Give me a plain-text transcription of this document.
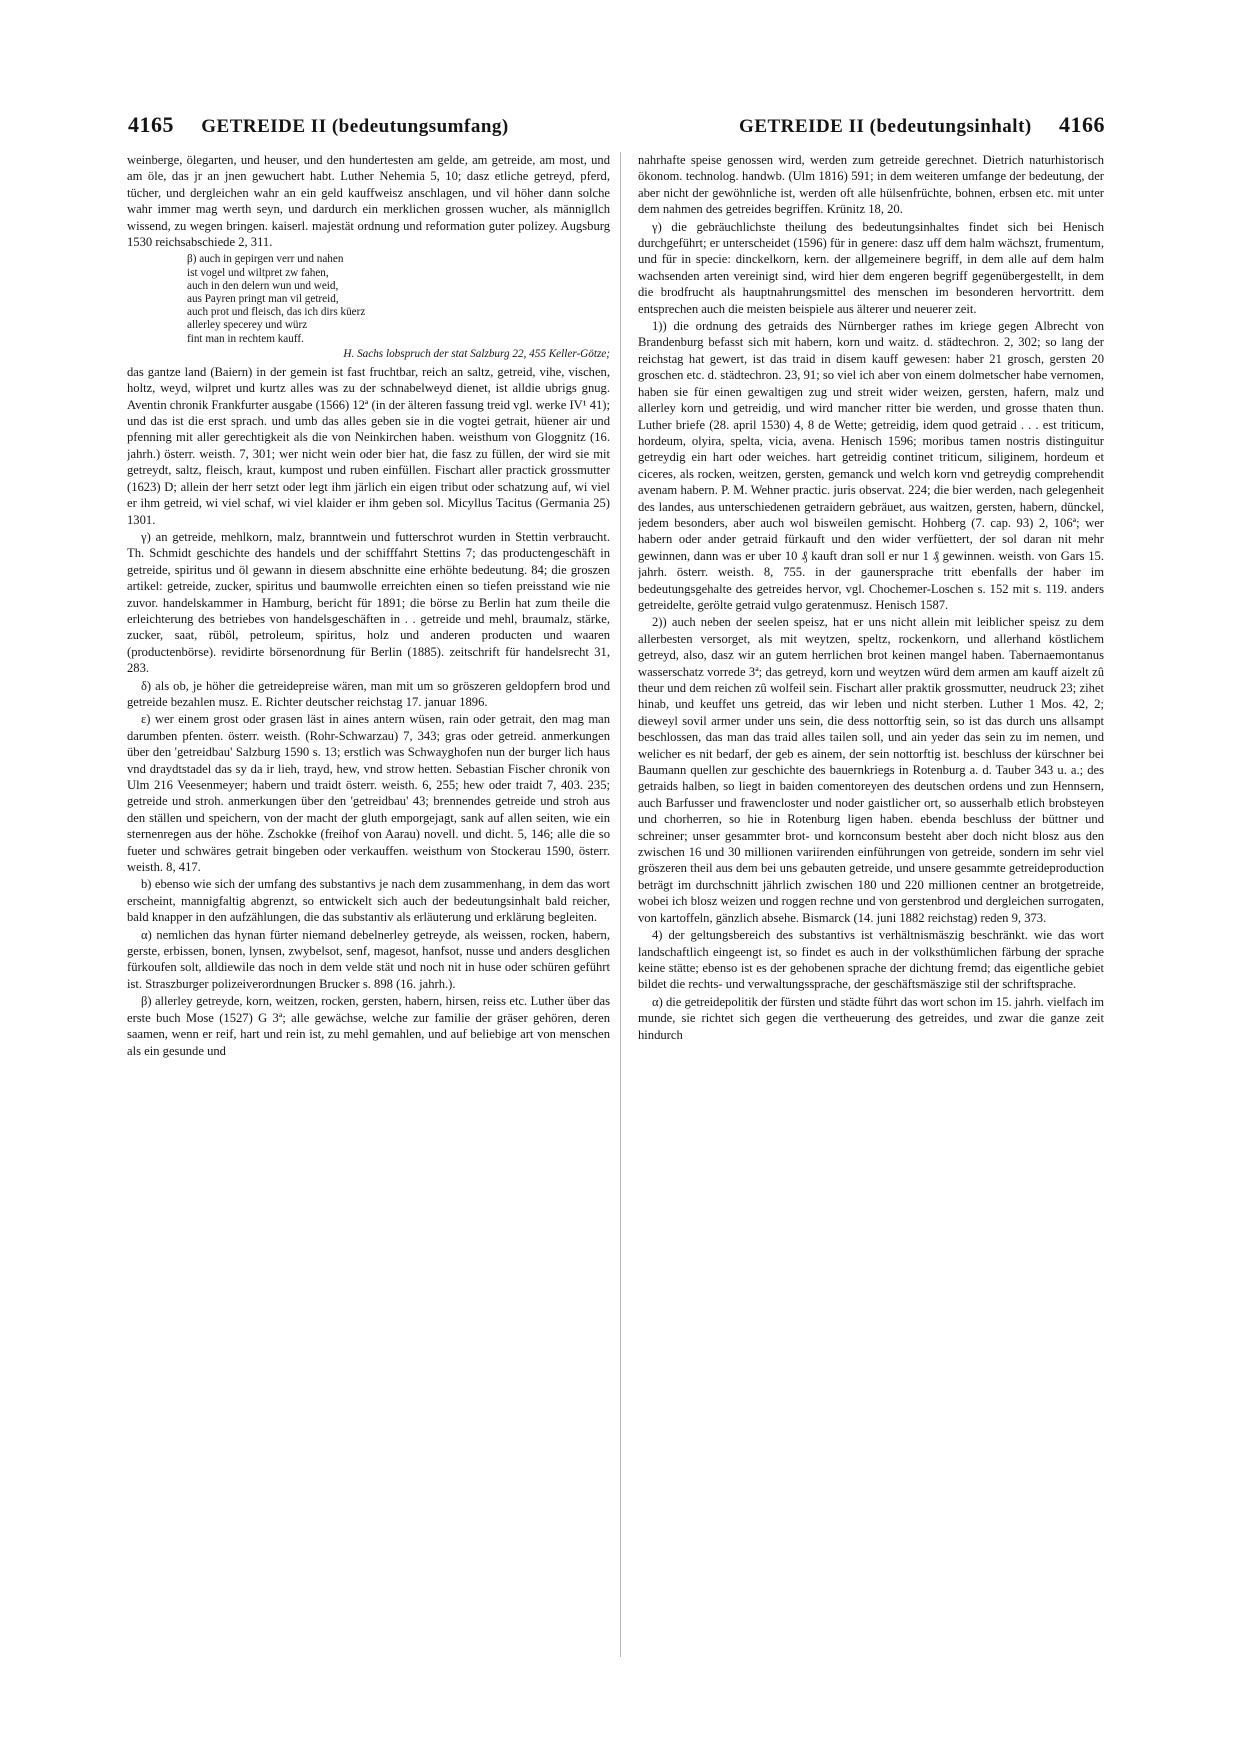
4165 GETREIDE II (bedeutungsumfang)	GETREIDE II (bedeutungsinhalt) 4166

weinberge, ölegarten, und heuser, und den hundertesten am gelde, am getreide, am most, und am öle, das jr an jnen gewuchert habt. Luther Nehemia 5, 10; dasz etliche getreyd, pferd, tücher, und dergleichen wahr an ein geld kauffweisz anschlagen, und vil höher dann solche wahr immer mag werth seyn, und dardurch ein merklichen grossen wucher, als männigllch wissend, zu wegen bringen. kaiserl. majestät ordnung und reformation guter polizey. Augsburg 1530 reichsabschiede 2, 311.

β) auch in gepirgen verr und nahen
ist vogel und wiltpret zw fahen,
auch in den delern wun und weid,
aus Payren pringt man vil getreid,
auch prot und fleisch, das ich dirs küerz
allerley specerey und würz
fint man in rechtem kauff.

H. Sachs lobspruch der stat Salzburg 22, 455 Keller-Götze;

das gantze land (Baiern) in der gemein ist fast fruchtbar, reich an saltz, getreid, vihe, vischen, holtz, weyd, wilpret und kurtz alles was zu der schnabelweyd dienet, ist alldie ubrigs gnug. Aventin chronik Frankfurter ausgabe (1566) 12ª (in der älteren fassung treid vgl. werke IV¹ 41); und das ist die erst sprach. und umb das alles geben sie in die vogtei getrait, hüener air und pfenning mit aller gerechtigkeit als die von Neinkirchen haben. weisthum von Gloggnitz (16. jahrh.) österr. weisth. 7, 301; wer nicht wein oder bier hat, die fasz zu füllen, der wird sie mit getreydt, saltz, fleisch, kraut, kumpost und ruben einfüllen. Fischart aller practick grossmutter (1623) D; allein der herr setzt oder legt ihm järlich ein eigen tribut oder schatzung auf, wi viel er ihm getreid, wi viel schaf, wi viel klaider er ihm geben sol. Micyllus Tacitus (Germania 25) 1301.

γ) an getreide, mehlkorn, malz, branntwein und futterschrot wurden in Stettin verbraucht. Th. Schmidt geschichte des handels und der schifffahrt Stettins 7; das productengeschäft in getreide, spiritus und öl gewann in diesem abschnitte eine erhöhte bedeutung. 84; die groszen artikel: getreide, zucker, spiritus und baumwolle erreichten einen so tiefen preisstand wie nie zuvor. handelskammer in Hamburg, bericht für 1891; die börse zu Berlin hat zum theile die erleichterung des betriebes von handelsgeschäften in . . getreide und mehl, braumalz, stärke, zucker, saat, rüböl, petroleum, spiritus, holz und anderen producten und waaren (productenbörse). revidirte börsenordnung für Berlin (1885). zeitschrift für handelsrecht 31, 283.

δ) als ob, je höher die getreidepreise wären, man mit um so gröszeren geldopfern brod und getreide bezahlen musz. E. Richter deutscher reichstag 17. januar 1896.

ε) wer einem grost oder grasen läst in aines antern wüsen, rain oder getrait, den mag man darumben pfenten. österr. weisth. (Rohr-Schwarzau) 7, 343; gras oder getreid. anmerkungen über den 'getreidbau' Salzburg 1590 s. 13; erstlich was Schwayghofen nun der burger lich haus vnd draydtstadel das sy da ir lieh, trayd, hew, vnd strow hetten. Sebastian Fischer chronik von Ulm 216 Veesenmeyer; habern und traidt österr. weisth. 6, 255; hew oder traidt 7, 403. 235; getreide und stroh. anmerkungen über den 'getreidbau' 43; brennendes getreide und stroh aus den ställen und speichern, von der macht der gluth emporgejagt, sank auf allen seiten, wie ein sternenregen aus der höhe. Zschokke (freihof von Aarau) novell. und dicht. 5, 146; alle die so fueter und schwäres getrait bingeben oder verkauffen. weisthum von Stockerau 1590, österr. weisth. 8, 417.

b) ebenso wie sich der umfang des substantivs je nach dem zusammenhang, in dem das wort erscheint, mannigfaltig abgrenzt, so entwickelt sich auch der bedeutungsinhalt bald reicher, bald knapper in den aufzählungen, die das substantiv als erläuterung und erklärung begleiten.

α) nemlichen das hynan fürter niemand debelnerley getreyde, als weissen, rocken, habern, gerste, erbissen, bonen, lynsen, zwybelsot, senf, magesot, hanfsot, nusse und anders desglichen fürkoufen solt, alldiewile das noch in dem velde stät und noch nit in huse oder schüren geführt ist. Straszburger polizeiverordnungen Brucker s. 898 (16. jahrh.).

β) allerley getreyde, korn, weitzen, rocken, gersten, habern, hirsen, reiss etc. Luther über das erste buch Mose (1527) G 3ª; alle gewächse, welche zur familie der gräser gehören, deren saamen, wenn er reif, hart und rein ist, zu mehl gemahlen, und auf beliebige art von menschen als ein gesunde und

nahrhafte speise genossen wird, werden zum getreide gerechnet. Dietrich naturhistorisch ökonom. technolog. handwb. (Ulm 1816) 591; in dem weiteren umfange der bedeutung, der aber nicht der gewöhnliche ist, werden oft alle hülsenfrüchte, bohnen, erbsen etc. mit unter dem nahmen des getreides begriffen. Krünitz 18, 20.

γ) die gebräuchlichste theilung des bedeutungsinhaltes findet sich bei Henisch durchgeführt; er unterscheidet (1596) für in genere: dasz uff dem halm wächszt, frumentum, und für in specie: dinckelkorn, kern. der allgemeinere begriff, in dem alle auf dem halm wachsenden arten vereinigt sind, wird hier dem engeren begriff gegenübergestellt, in dem die brodfrucht als hauptnahrungsmittel des menschen im besonderen hervortritt. dem entsprechen auch die meisten beispiele aus älterer und neuerer zeit.

1)) die ordnung des getraids des Nürnberger rathes im kriege gegen Albrecht von Brandenburg befasst sich mit habern, korn und waitz. d. städtechron. 2, 302; so lang der reichstag hat gewert, ist das traid in disem kauff gewesen: haber 21 grosch, gersten 20 groschen etc. d. städtechron. 23, 91; so viel ich aber von einem dolmetscher habe vernomen, haben sie für einen gewaltigen zug und streit wider weizen, gersten, hafern, malz und allerley korn und getreidig, und wird mancher ritter bie werden, und grosse thaten thun. Luther briefe (28. april 1530) 4, 8 de Wette; getreidig, idem quod getraid . . . est triticum, hordeum, olyira, spelta, vicia, avena. Henisch 1596; moribus tamen nostris distinguitur getreydig ein hart oder weiches. hart getreidig continet triticum, siliginem, hordeum et ciceres, als rocken, weitzen, gersten, gemanck und welch korn vnd getreydig comprehendit avenam habern. P. M. Wehner practic. juris observat. 224; die bier werden, nach gelegenheit des landes, aus unterschiedenen getraidern gebräuet, aus waitzen, gersten, habern, dünckel, jedem besonders, aber auch wol bisweilen gemischt. Hohberg (7. cap. 93) 2, 106ª; wer habern oder ander getraid fürkauft und den wider verfüettert, der sol daran nit mehr gewinnen, dann was er uber 10 ₰ kauft dran soll er nur 1 ₰ gewinnen. weisth. von Gars 15. jahrh. österr. weisth. 8, 755. in der gaunersprache tritt ebenfalls der haber im bedeutungsgehalte des getreides hervor, vgl. Chochemer-Loschen s. 152 mit s. 119. anders getreidelte, gerölte getraid vulgo geratenmusz. Henisch 1587.

2)) auch neben der seelen speisz, hat er uns nicht allein mit leiblicher speisz zu dem allerbesten versorget, als mit weytzen, speltz, rockenkorn, und allerhand köstlichem getreyd, also, dasz wir an gutem herrlichen brot keinen mangel haben. Tabernaemontanus wasserschatz vorrede 3ª; das getreyd, korn und weytzen würd dem armen am kauff aizelt zû theur und dem reichen zû wolfeil sein. Fischart aller praktik grossmutter, neudruck 23; zihet hinab, und keuffet uns getreid, das wir leben und nicht sterben. Luther 1 Mos. 42, 2; dieweyl sovil armer under uns sein, die dess nottorftig sein, so ist das durch uns allsampt beschlossen, das man das traid alles tailen soll, und ain yeder das sein zu im nemen, und welicher es nit bedarf, der geb es ainem, der sein nottorftig ist. beschluss der kürschner bei Baumann quellen zur geschichte des bauernkriegs in Rotenburg a. d. Tauber 343 u. a.; des getraids halben, so liegt in baiden comentoreyen des deutschen ordens und zun Hennsern, auch Barfusser und frawencloster und noder gaistlicher ort, so ausserhalb etlich brobsteyen und chorherren, so hie in Rotenburg ligen haben. ebenda beschluss der büttner und schreiner; unser gesammter brot- und kornconsum besteht aber doch nicht blosz aus den zwischen 16 und 30 millionen variirenden einführungen von getreide, sondern im sehr viel gröszeren theil aus dem bei uns gebauten getreide, und unsere gesammte getreideproduction beträgt im durchschnitt jährlich zwischen 180 und 220 millionen centner an brotgetreide, wobei ich blosz weizen und roggen rechne und von gerstenbrod und dergleichen surrogaten, von kartoffeln, gänzlich absehe. Bismarck (14. juni 1882 reichstag) reden 9, 373.

4) der geltungsbereich des substantivs ist verhältnismäszig beschränkt. wie das wort landschaftlich eingeengt ist, so findet es auch in der volksthümlichen färbung der sprache keine stätte; ebenso ist es der gehobenen sprache der dichtung fremd; das eigentliche gebiet bildet die rechts- und verwaltungssprache, der geschäftsmäszige stil der schriftsprache.

α) die getreidepolitik der fürsten und städte führt das wort schon im 15. jahrh. vielfach im munde, sie richtet sich gegen die vertheuerung des getreides, und zwar die ganze zeit hindurch
